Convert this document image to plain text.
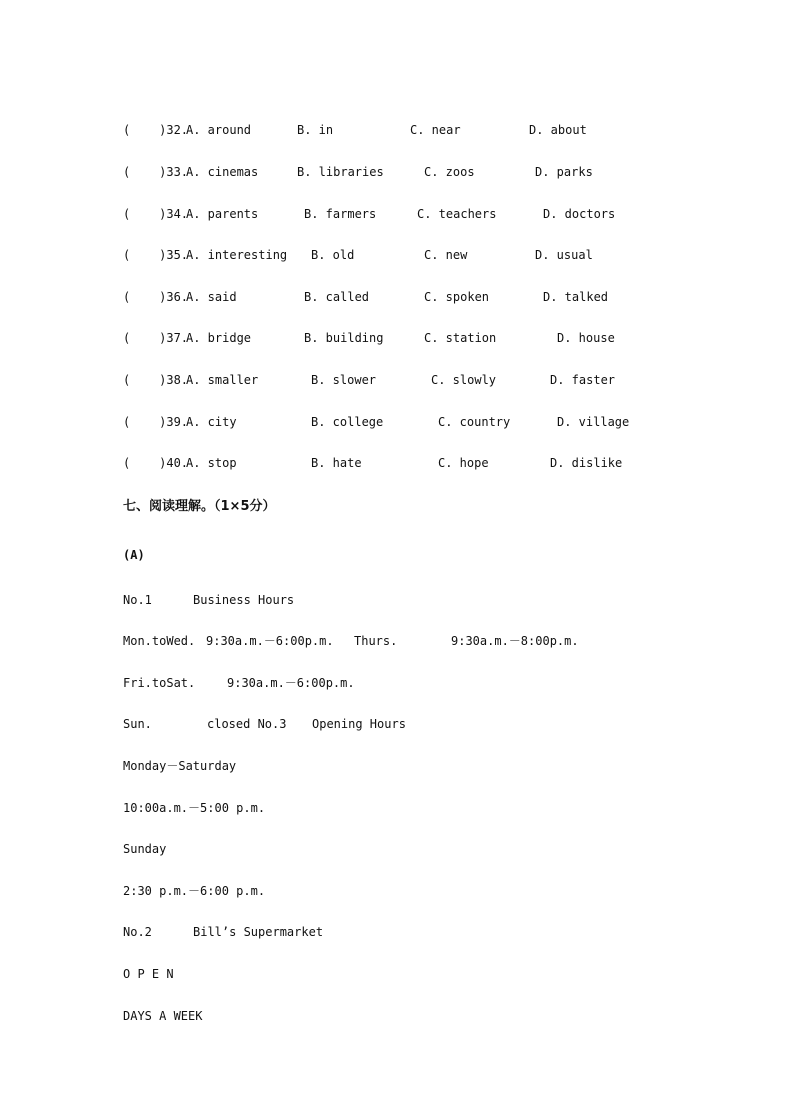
(    )32.

A. around

	B. in

	C. near

	D. about

(    )33.

A. cinemas

	B. libraries

	C. zoos

	D. parks

(    )34.

A. parents

	B. farmers

	C. teachers

	D. doctors

(    )35.

A. interesting

B. old

	C. new

	D. usual

(    )36.

A. said

	B. called

	C. spoken

	D. talked

(    )37.

A. bridge

	B. building

	C. station

	D. house

(    )38.

A. smaller

	B. slower

	C. slowly

	D. faster

(    )39.

A. city

	B. college

	C. country

	D. village

(    )40.

A. stop

	B. hate

	C. hope

	D. dislike

七、阅读理解。（1×5分）

(A)

No.1

	Business Hours

Mon.toWed.

9:30a.m.－6:00p.m.

Thurs.

	9:30a.m.－8:00p.m.

Fri.toSat.

	9:30a.m.－6:00p.m.

Sun.

	closed No.3

Opening Hours

Monday－Saturday

10:00a.m.－5:00 p.m.

Sunday

2:30 p.m.－6:00 p.m.

No.2

	Bill’s Supermarket

O P E N

DAYS A WEEK
